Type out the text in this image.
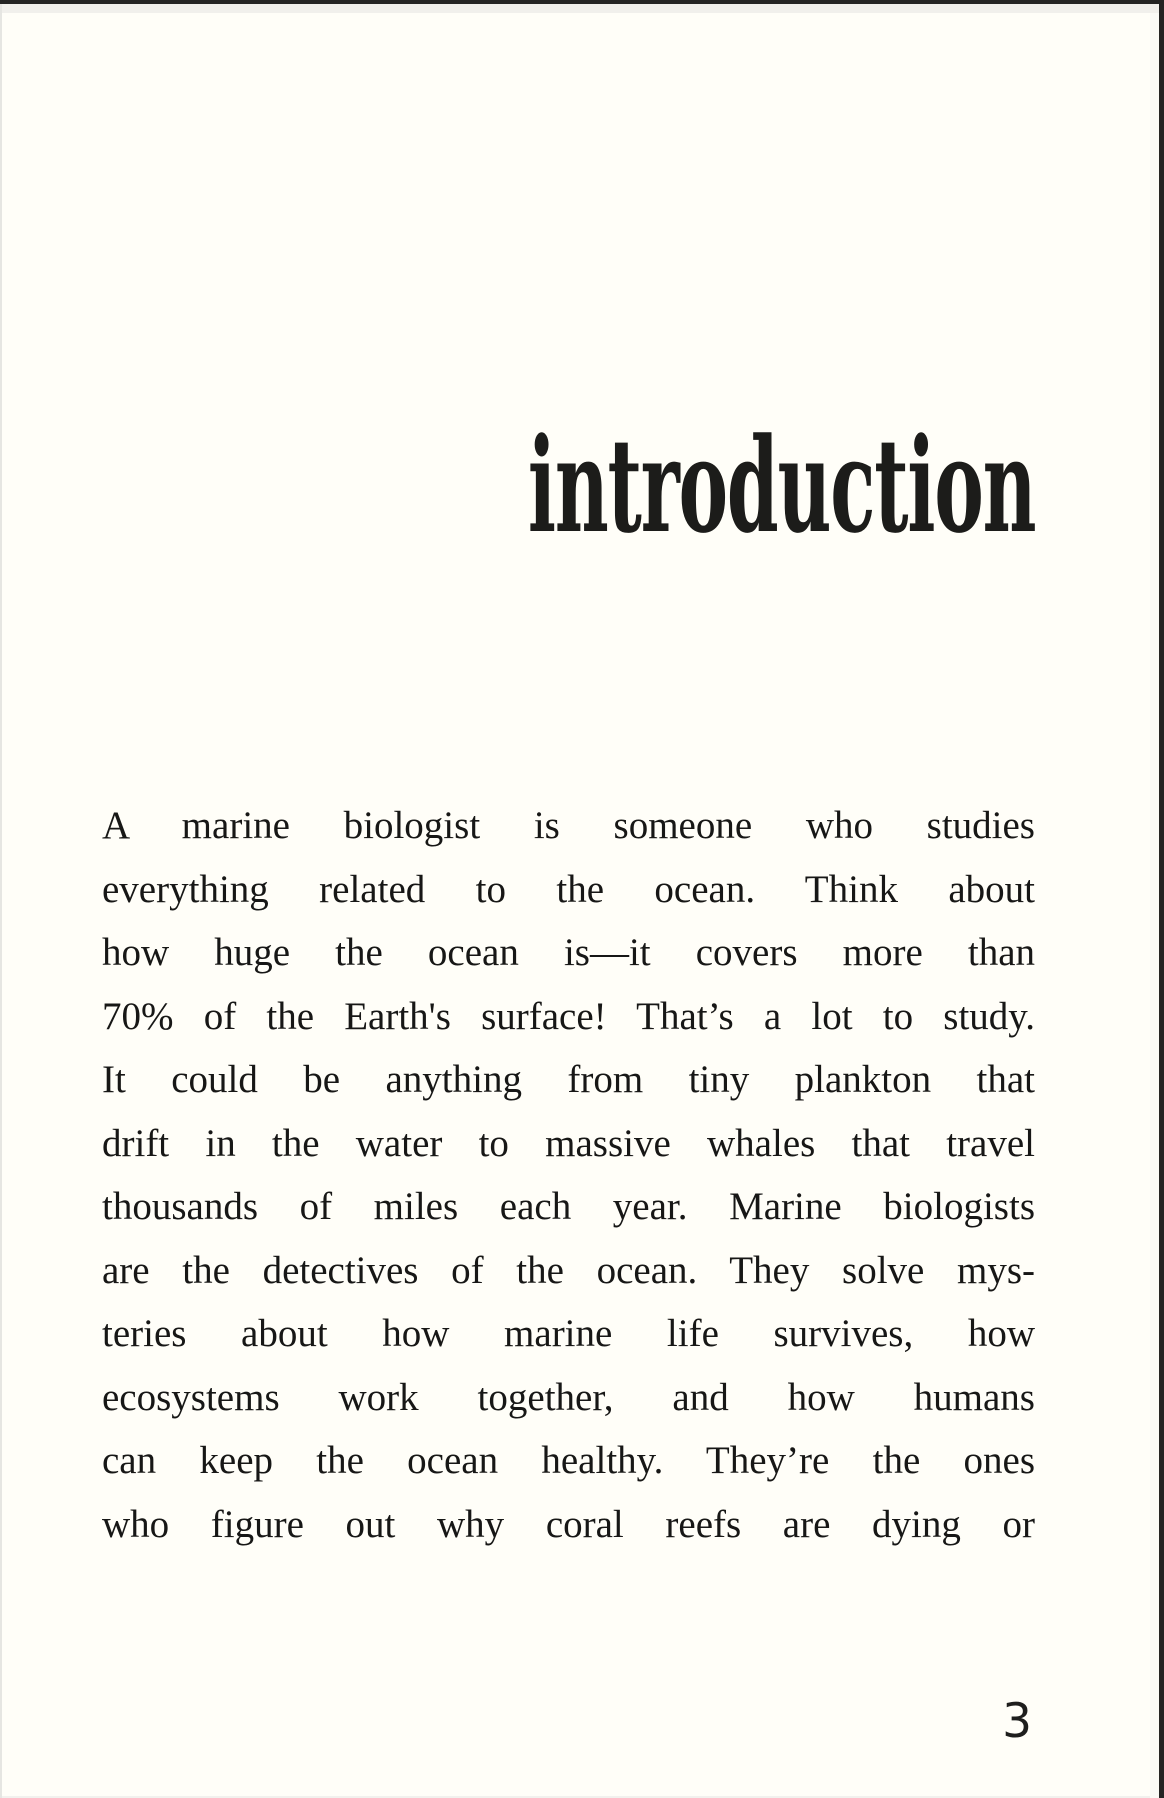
introduction
A marine biologist is someone who studies
everything related to the ocean. Think about
how huge the ocean is—it covers more than
70% of the Earth's surface! That’s a lot to study.
It could be anything from tiny plankton that
drift in the water to massive whales that travel
thousands of miles each year. Marine biologists
are the detectives of the ocean. They solve mys-
teries about how marine life survives, how
ecosystems work together, and how humans
can keep the ocean healthy. They’re the ones
who figure out why coral reefs are dying or
3
